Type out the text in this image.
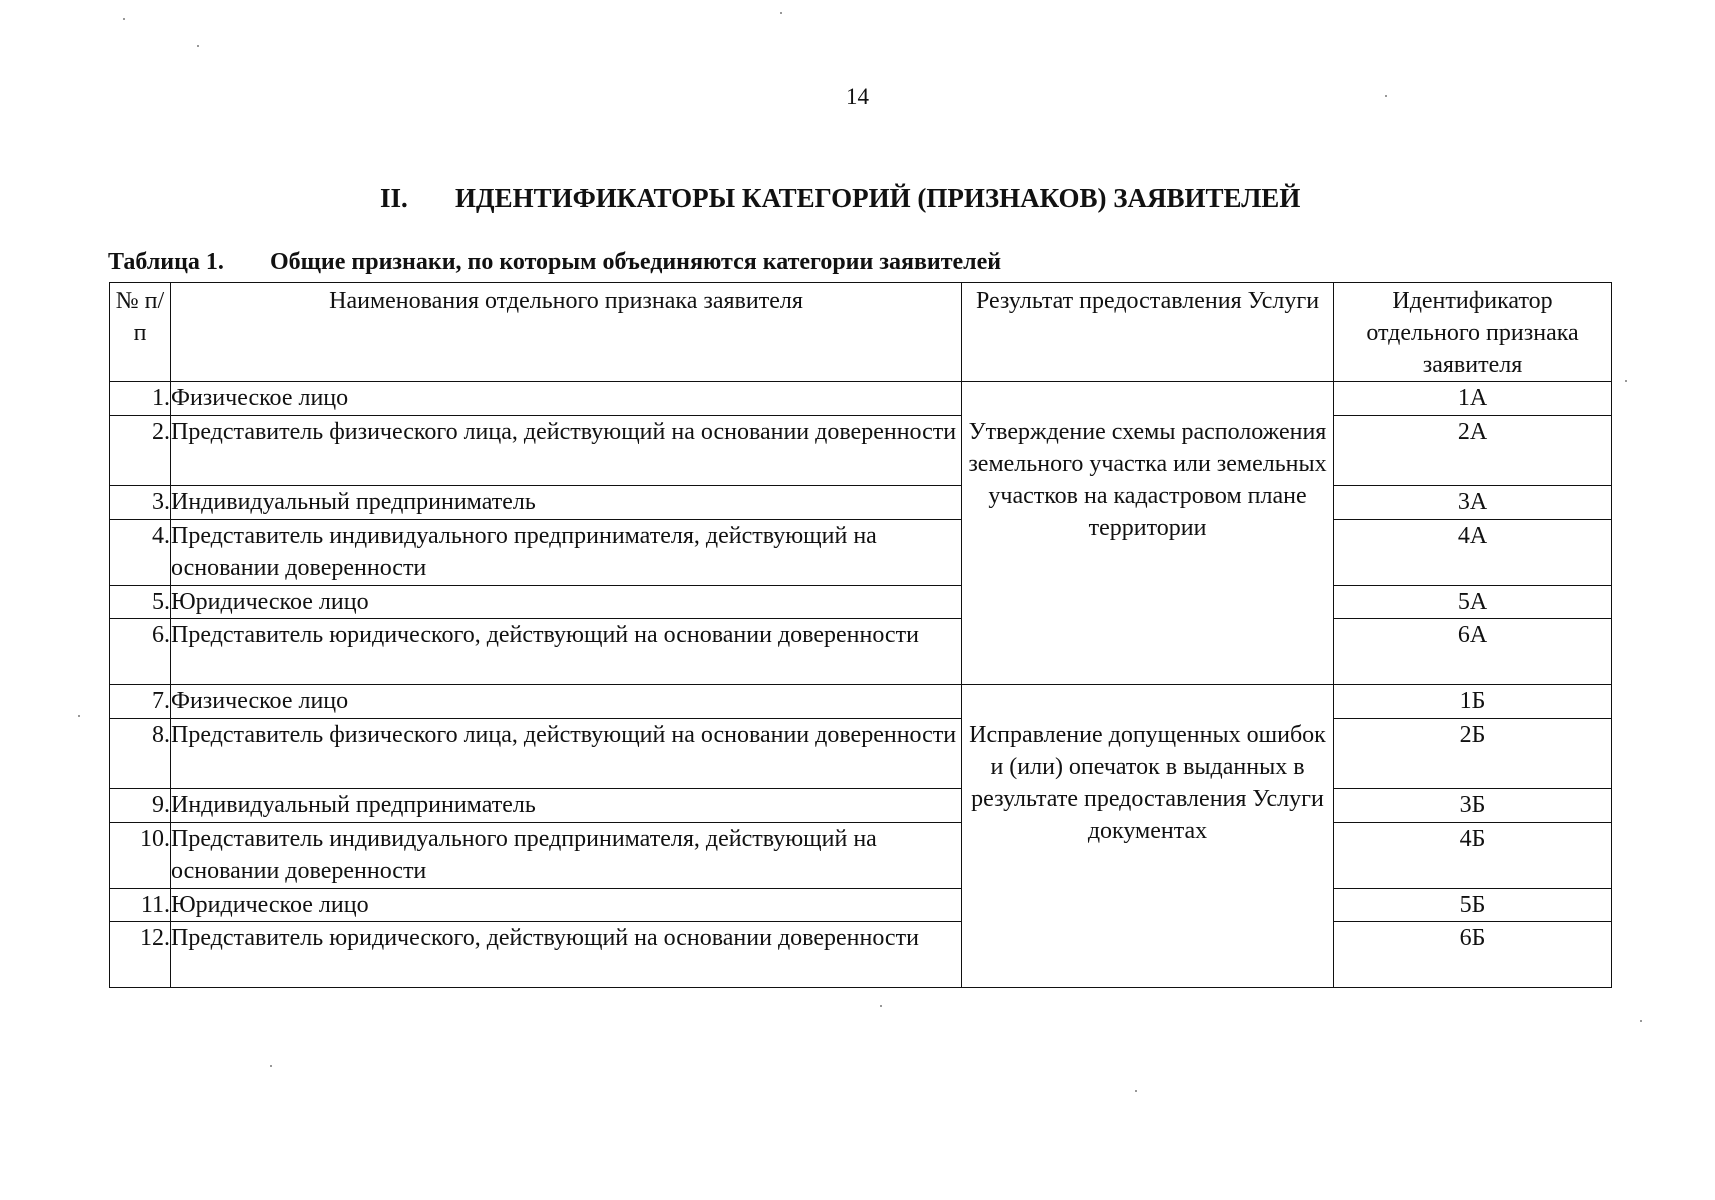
14
II. ИДЕНТИФИКАТОРЫ КАТЕГОРИЙ (ПРИЗНАКОВ) ЗАЯВИТЕЛЕЙ
Таблица 1. Общие признаки, по которым объединяются категории заявителей
№ п/п	Наименования отдельного признака заявителя	Результат предоставления Услуги	Идентификатор отдельного признака заявителя
1.	Физическое лицо	Утверждение схемы расположения земельного участка или земельных участков на кадастровом плане территории	1А
2.	Представитель физического лица, действующий на основании доверенности		2А
3.	Индивидуальный предприниматель		3А
4.	Представитель индивидуального предпринимателя, действующий на основании доверенности		4А
5.	Юридическое лицо		5А
6.	Представитель юридического, действующий на основании доверенности		6А
7.	Физическое лицо	Исправление допущенных ошибок и (или) опечаток в выданных в результате предоставления Услуги документах	1Б
8.	Представитель физического лица, действующий на основании доверенности		2Б
9.	Индивидуальный предприниматель		3Б
10.	Представитель индивидуального предпринимателя, действующий на основании доверенности		4Б
11.	Юридическое лицо		5Б
12.	Представитель юридического, действующий на основании доверенности		6Б
